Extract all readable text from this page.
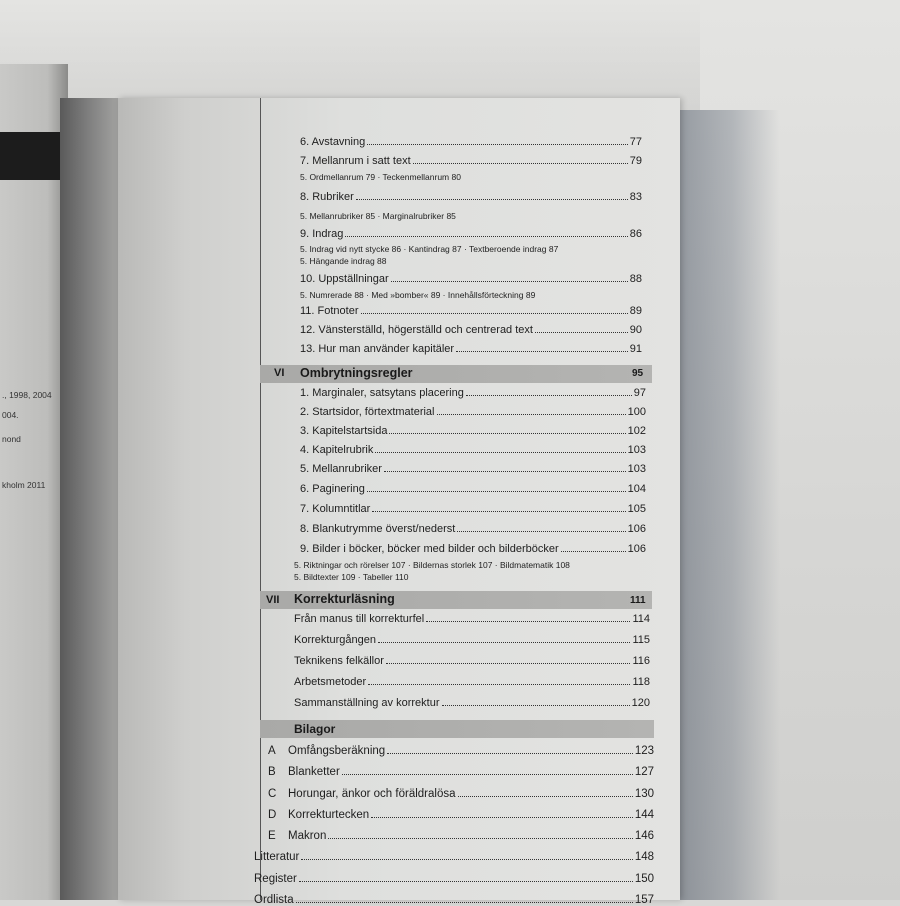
., 1998, 2004
004.
nond
kholm 2011
6. Avstavning	77
7. Mellanrum i satt text	79
5. Ordmellanrum 79 · Teckenmellanrum 80
8. Rubriker	83
5. Mellanrubriker 85 · Marginalrubriker 85
9. Indrag	86
5. Indrag vid nytt stycke 86 · Kantindrag 87 · Textberoende indrag 87
5. Hängande indrag 88
10. Uppställningar	88
5. Numrerade 88 · Med »bomber« 89 · Innehållsförteckning 89
11. Fotnoter	89
12. Vänsterställd, högerställd och centrerad text	90
13. Hur man använder kapitäler	91
VI Ombrytningsregler	95
1. Marginaler, satsytans placering	97
2. Startsidor, förtextmaterial	100
3. Kapitelstartsida	102
4. Kapitelrubrik	103
5. Mellanrubriker	103
6. Paginering	104
7. Kolumntitlar	105
8. Blankutrymme överst/nederst	106
9. Bilder i böcker, böcker med bilder och bilderböcker	106
5. Riktningar och rörelser 107 · Bildernas storlek 107 · Bildmatematik 108
5. Bildtexter 109 · Tabeller 110
VII Korrekturläsning	111
Från manus till korrekturfel	114
Korrekturgången	115
Teknikens felkällor	116
Arbetsmetoder	118
Sammanställning av korrektur	120
Bilagor
A Omfångsberäkning	123
B Blanketter	127
C Horungar, änkor och föräldralösa	130
D Korrekturtecken	144
E Makron	146
Litteratur	148
Register	150
Ordlista	157
